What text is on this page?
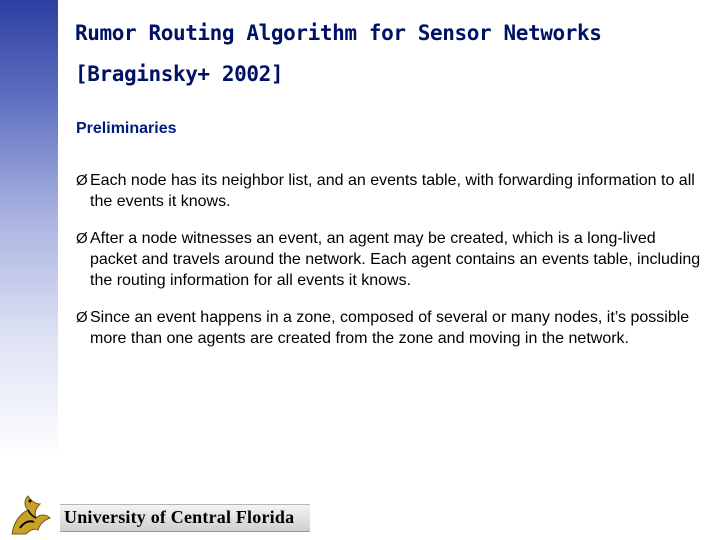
Rumor Routing Algorithm for Sensor Networks
[Braginsky+ 2002]
Preliminaries
Ø Each node has its neighbor list, and an events table, with forwarding information to all the events it knows.
Ø After a node witnesses an event, an agent may be created, which is a long-lived packet and travels around the network. Each agent contains an events table, including the routing information for all events it knows.
Ø Since an event happens in a zone, composed of several or many nodes, it’s possible more than one agents are created from the zone and moving in the network.
University of Central Florida
